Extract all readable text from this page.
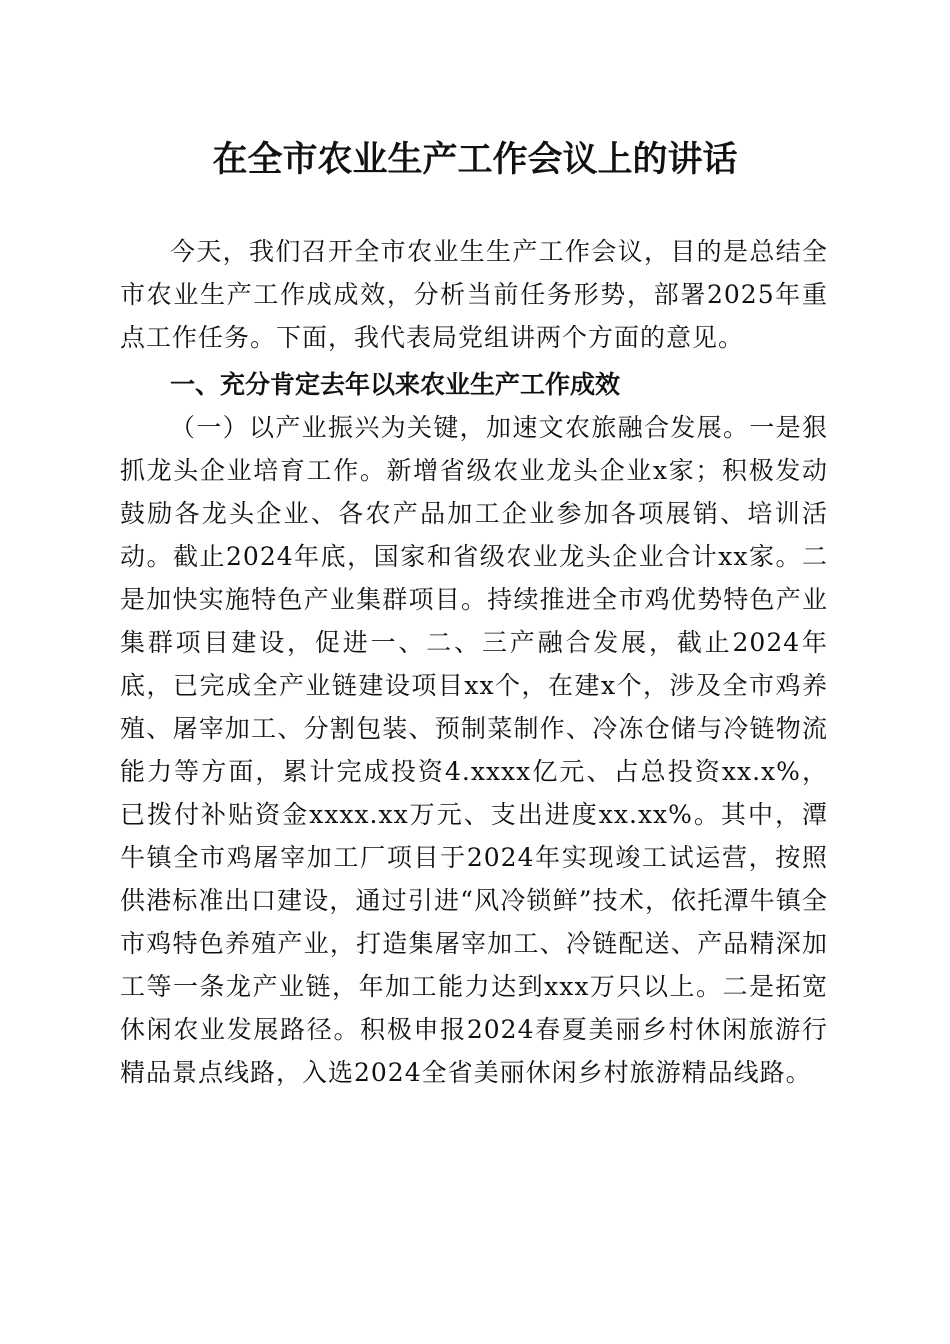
在全市农业生产工作会议上的讲话

今天，我们召开全市农业生生产工作会议，目的是总结全市农业生产工作成成效，分析当前任务形势，部署2025年重点工作任务。下面，我代表局党组讲两个方面的意见。

一、充分肯定去年以来农业生产工作成效

（一）以产业振兴为关键，加速文农旅融合发展。一是狠抓龙头企业培育工作。新增省级农业龙头企业x家；积极发动鼓励各龙头企业、各农产品加工企业参加各项展销、培训活动。截止2024年底，国家和省级农业龙头企业合计xx家。二是加快实施特色产业集群项目。持续推进全市鸡优势特色产业集群项目建设，促进一、二、三产融合发展，截止2024年底，已完成全产业链建设项目xx个，在建x个，涉及全市鸡养殖、屠宰加工、分割包装、预制菜制作、冷冻仓储与冷链物流能力等方面，累计完成投资4.xxxx亿元、占总投资xx.x%，已拨付补贴资金xxxx.xx万元、支出进度xx.xx%。其中，潭牛镇全市鸡屠宰加工厂项目于2024年实现竣工试运营，按照供港标准出口建设，通过引进“风冷锁鲜”技术，依托潭牛镇全市鸡特色养殖产业，打造集屠宰加工、冷链配送、产品精深加工等一条龙产业链，年加工能力达到xxx万只以上。二是拓宽休闲农业发展路径。积极申报2024春夏美丽乡村休闲旅游行精品景点线路，入选2024全省美丽休闲乡村旅游精品线路。
